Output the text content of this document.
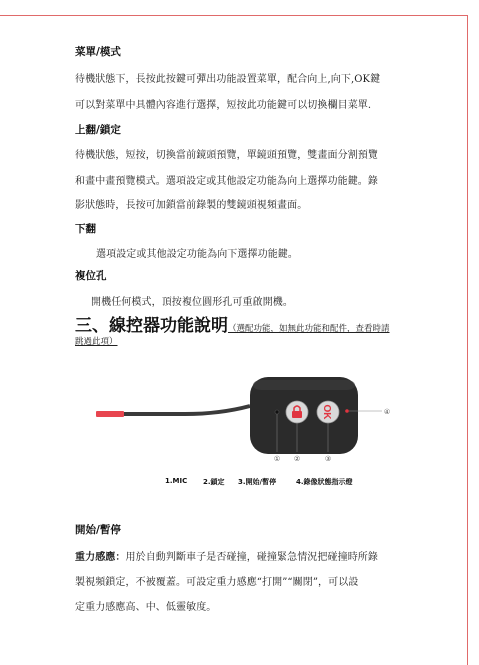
菜單/模式
待機狀態下，長按此按鍵可彈出功能設置菜單，配合向上,向下,OK鍵
可以對菜單中具體內容進行選擇，短按此功能鍵可以切換欄目菜單.
上翻/鎖定
待機狀態，短按，切換當前鏡頭預覽，單鏡頭預覽，雙畫面分割預覽
和畫中畫預覽模式。選項設定或其他設定功能為向上選擇功能鍵。錄
影狀態時，長按可加鎖當前錄製的雙鏡頭視頻畫面。
下翻
選項設定或其他設定功能為向下選擇功能鍵。
複位孔
開機任何模式，頂按複位圓形孔可重啟開機。
三、線控器功能說明（選配功能，如無此功能和配件，查看時請
跳過此項）
OK
① ②	③
④
1.MIC 2.鎖定 3.開始/暫停	4.錄像狀態指示燈
開始/暫停
重力感應：用於自動判斷車子是否碰撞，碰撞緊急情況把碰撞時所錄
製視頻鎖定，不被覆蓋。可設定重力感應“打開”“關閉”，可以設
定重力感應高、中、低靈敏度。
